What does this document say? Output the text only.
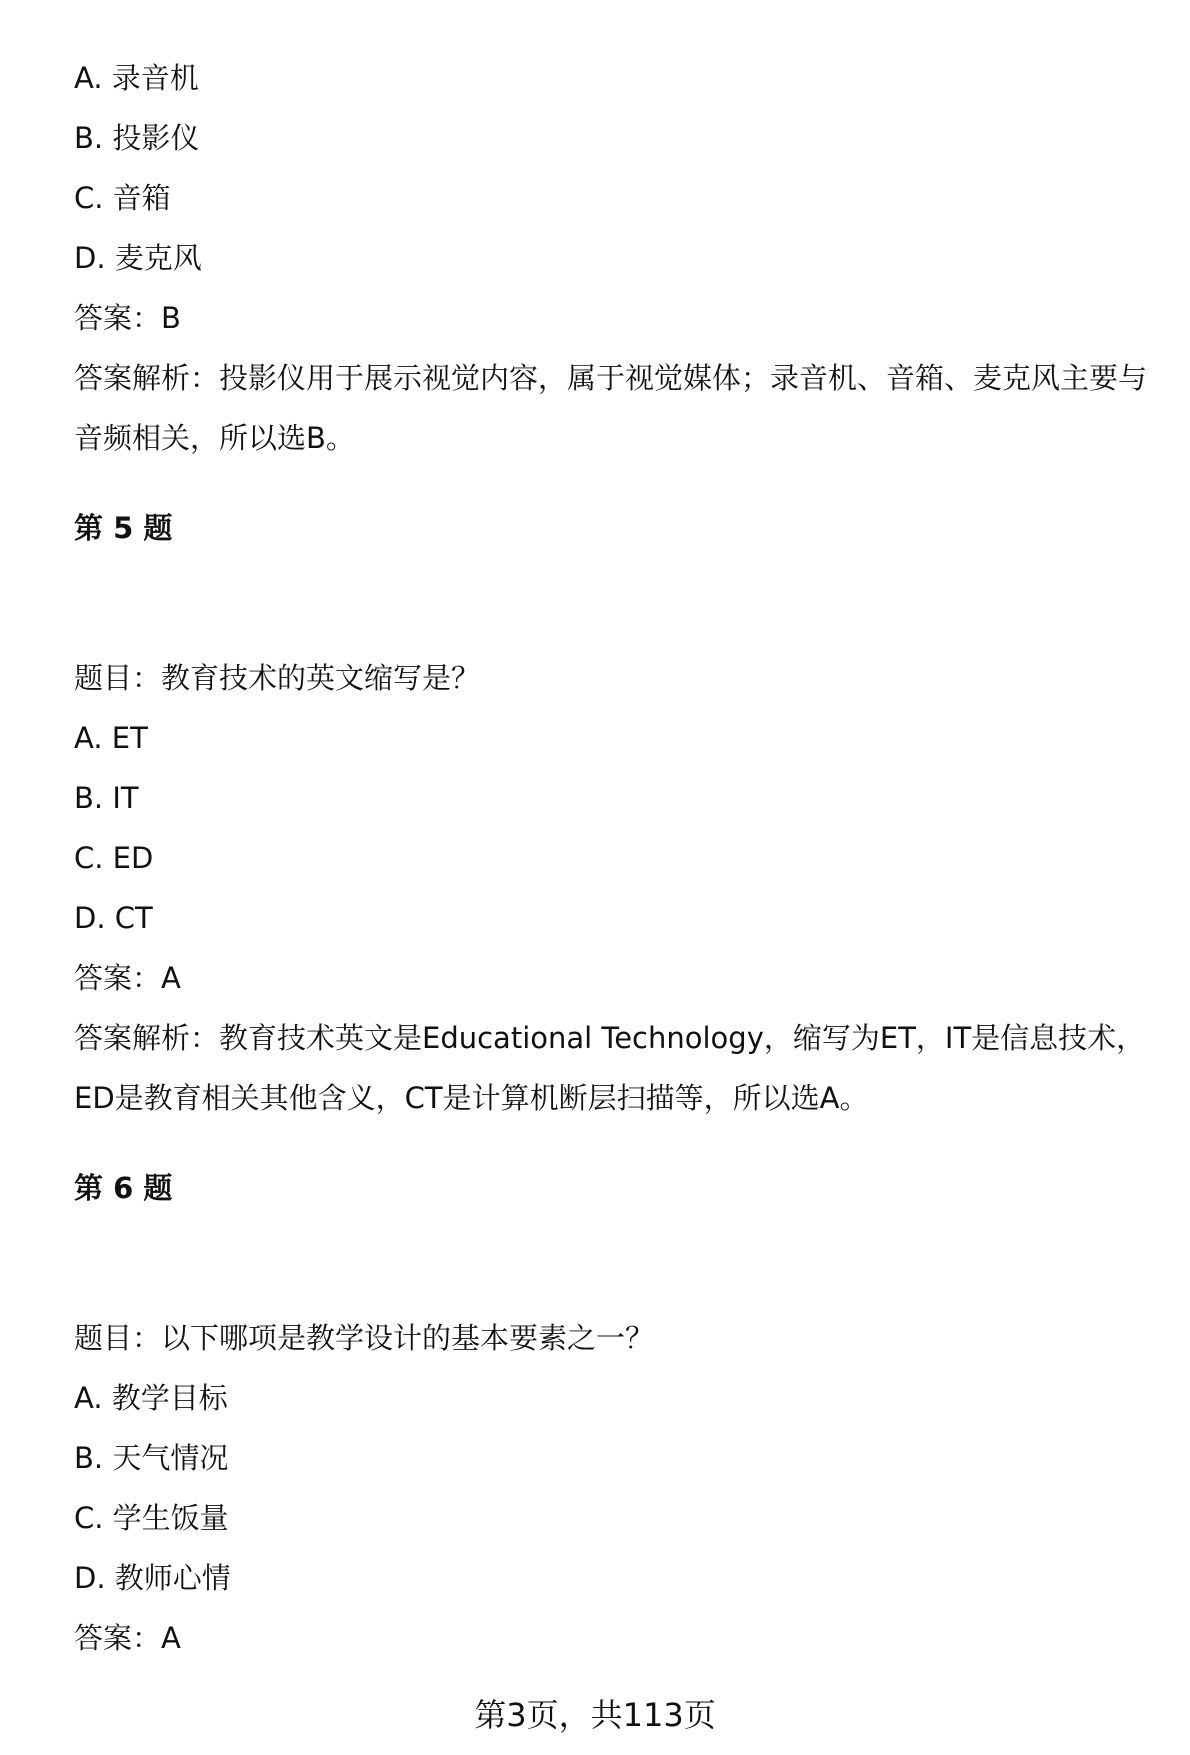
A. 录音机
B. 投影仪
C. 音箱
D. 麦克风
答案：B
答案解析：投影仪用于展示视觉内容，属于视觉媒体；录音机、音箱、麦克风主要与音频相关，所以选B。
第 5 题
题目：教育技术的英文缩写是？
A. ET
B. IT
C. ED
D. CT
答案：A
答案解析：教育技术英文是Educational Technology，缩写为ET，IT是信息技术，ED是教育相关其他含义，CT是计算机断层扫描等，所以选A。
第 6 题
题目：以下哪项是教学设计的基本要素之一？
A. 教学目标
B. 天气情况
C. 学生饭量
D. 教师心情
答案：A
第3页，共113页
